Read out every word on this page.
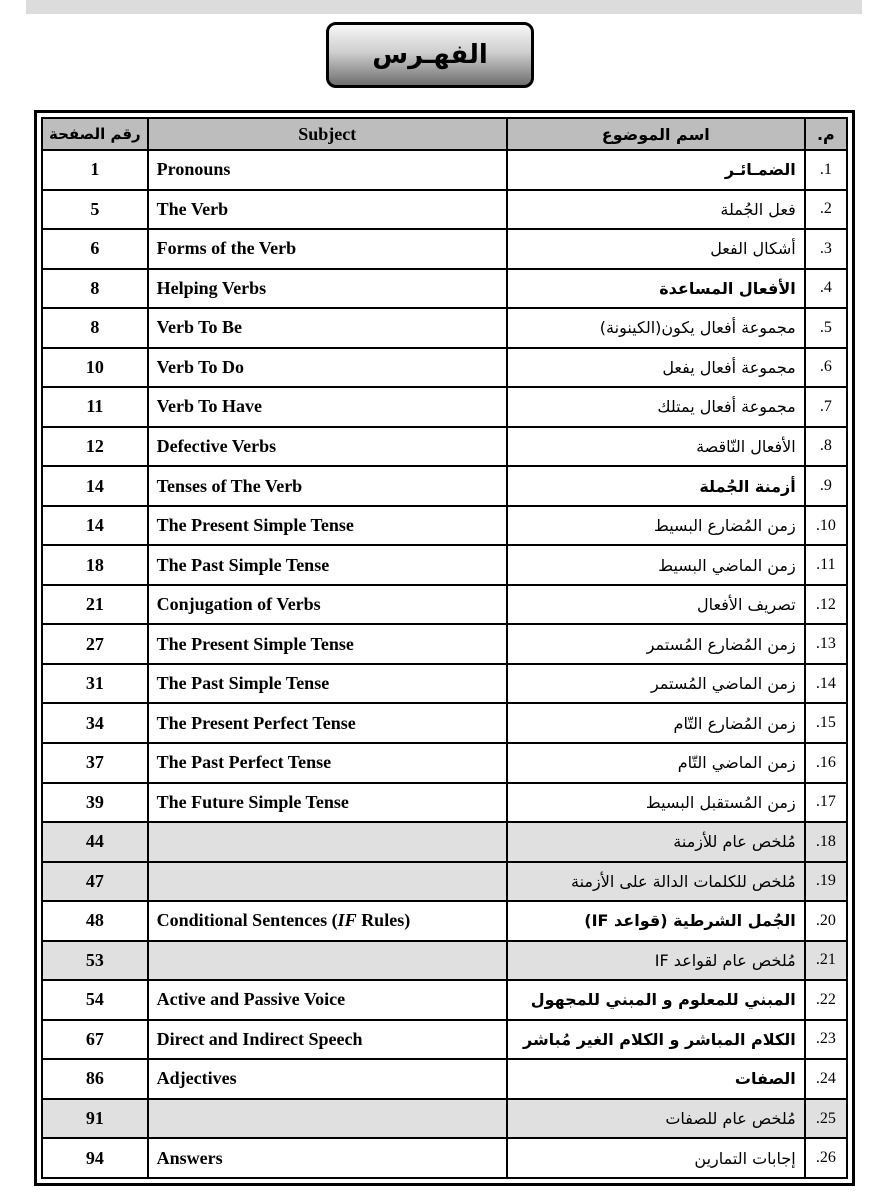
الفهـرس
رقم الصفحة	Subject	اسم الموضوع	م.
1	Pronouns	الضمـائـر	.1
5	The Verb	فعل الجُملة	.2
6	Forms of the Verb	أشكال الفعل	.3
8	Helping Verbs	الأفعال المساعدة	.4
8	Verb To Be	مجموعة أفعال يكون(الكينونة)	.5
10	Verb To Do	مجموعة أفعال يفعل	.6
11	Verb To Have	مجموعة أفعال يمتلك	.7
12	Defective Verbs	الأفعال النّاقصة	.8
14	Tenses of The Verb	أزمنة الجُملة	.9
14	The Present Simple Tense	زمن المُضارع البسيط	.10
18	The Past Simple Tense	زمن الماضي البسيط	.11
21	Conjugation of Verbs	تصريف الأفعال	.12
27	The Present Simple Tense	زمن المُضارع المُستمر	.13
31	The Past Simple Tense	زمن الماضي المُستمر	.14
34	The Present Perfect Tense	زمن المُضارع التّام	.15
37	The Past Perfect Tense	زمن الماضي التّام	.16
39	The Future Simple Tense	زمن المُستقبل البسيط	.17
44		مُلخص عام للأزمنة	.18
47		مُلخص للكلمات الدالة على الأزمنة	.19
48	Conditional Sentences (IF Rules)	الجُمل الشرطية (قواعد IF)	.20
53		مُلخص عام لقواعد IF	.21
54	Active and Passive Voice	المبني للمعلوم و المبني للمجهول	.22
67	Direct and Indirect Speech	الكلام المباشر و الكلام الغير مُباشر	.23
86	Adjectives	الصفات	.24
91		مُلخص عام للصفات	.25
94	Answers	إجابات التمارين	.26
